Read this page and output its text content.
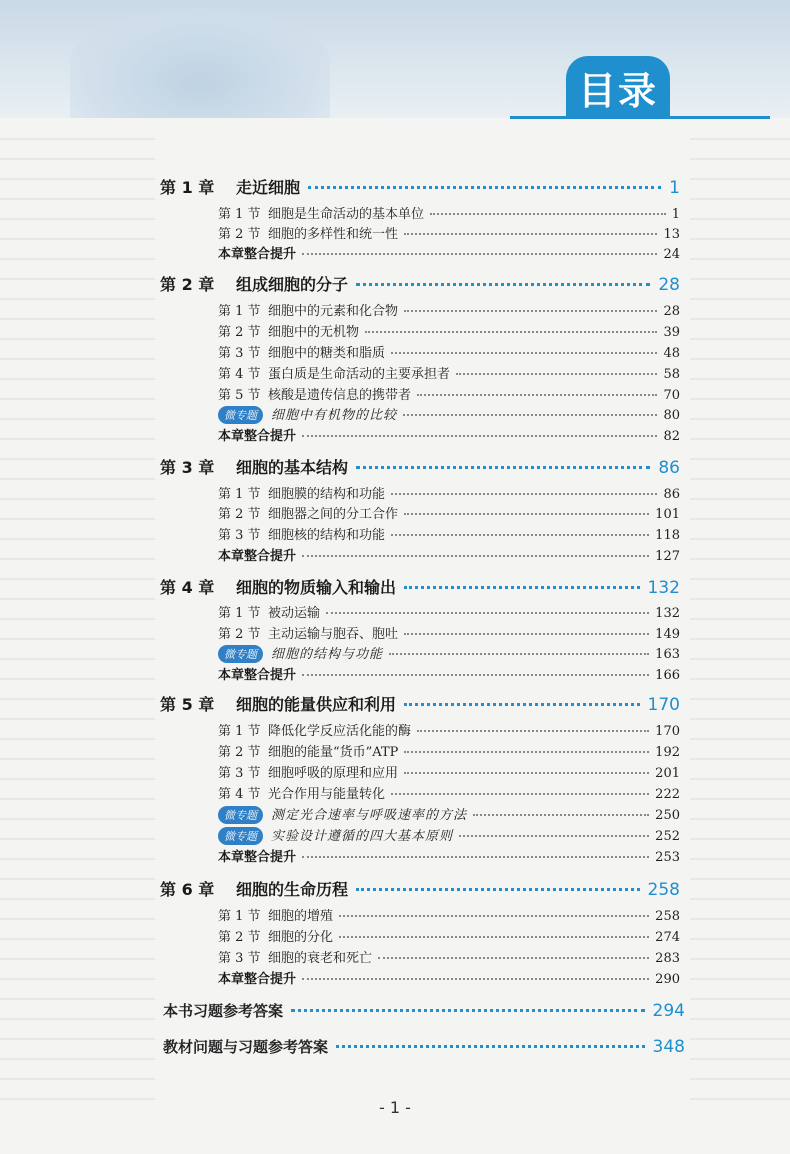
目录
第 1 章	走近细胞	1
第 1 节 细胞是生命活动的基本单位	1
第 2 节 细胞的多样性和统一性	13
本章整合提升	24
第 2 章	组成细胞的分子	28
第 1 节 细胞中的元素和化合物	28
第 2 节 细胞中的无机物	39
第 3 节 细胞中的糖类和脂质	48
第 4 节 蛋白质是生命活动的主要承担者	58
第 5 节 核酸是遗传信息的携带者	70
微专题	细胞中有机物的比较	80
本章整合提升	82
第 3 章	细胞的基本结构	86
第 1 节 细胞膜的结构和功能	86
第 2 节 细胞器之间的分工合作	101
第 3 节 细胞核的结构和功能	118
本章整合提升	127
第 4 章	细胞的物质输入和输出	132
第 1 节 被动运输	132
第 2 节 主动运输与胞吞、胞吐	149
微专题	细胞的结构与功能	163
本章整合提升	166
第 5 章	细胞的能量供应和利用	170
第 1 节 降低化学反应活化能的酶	170
第 2 节 细胞的能量“货币”ATP	192
第 3 节 细胞呼吸的原理和应用	201
第 4 节 光合作用与能量转化	222
微专题	测定光合速率与呼吸速率的方法	250
微专题	实验设计遵循的四大基本原则	252
本章整合提升	253
第 6 章	细胞的生命历程	258
第 1 节 细胞的增殖	258
第 2 节 细胞的分化	274
第 3 节 细胞的衰老和死亡	283
本章整合提升	290
本书习题参考答案	294
教材问题与习题参考答案	348
- 1 -
